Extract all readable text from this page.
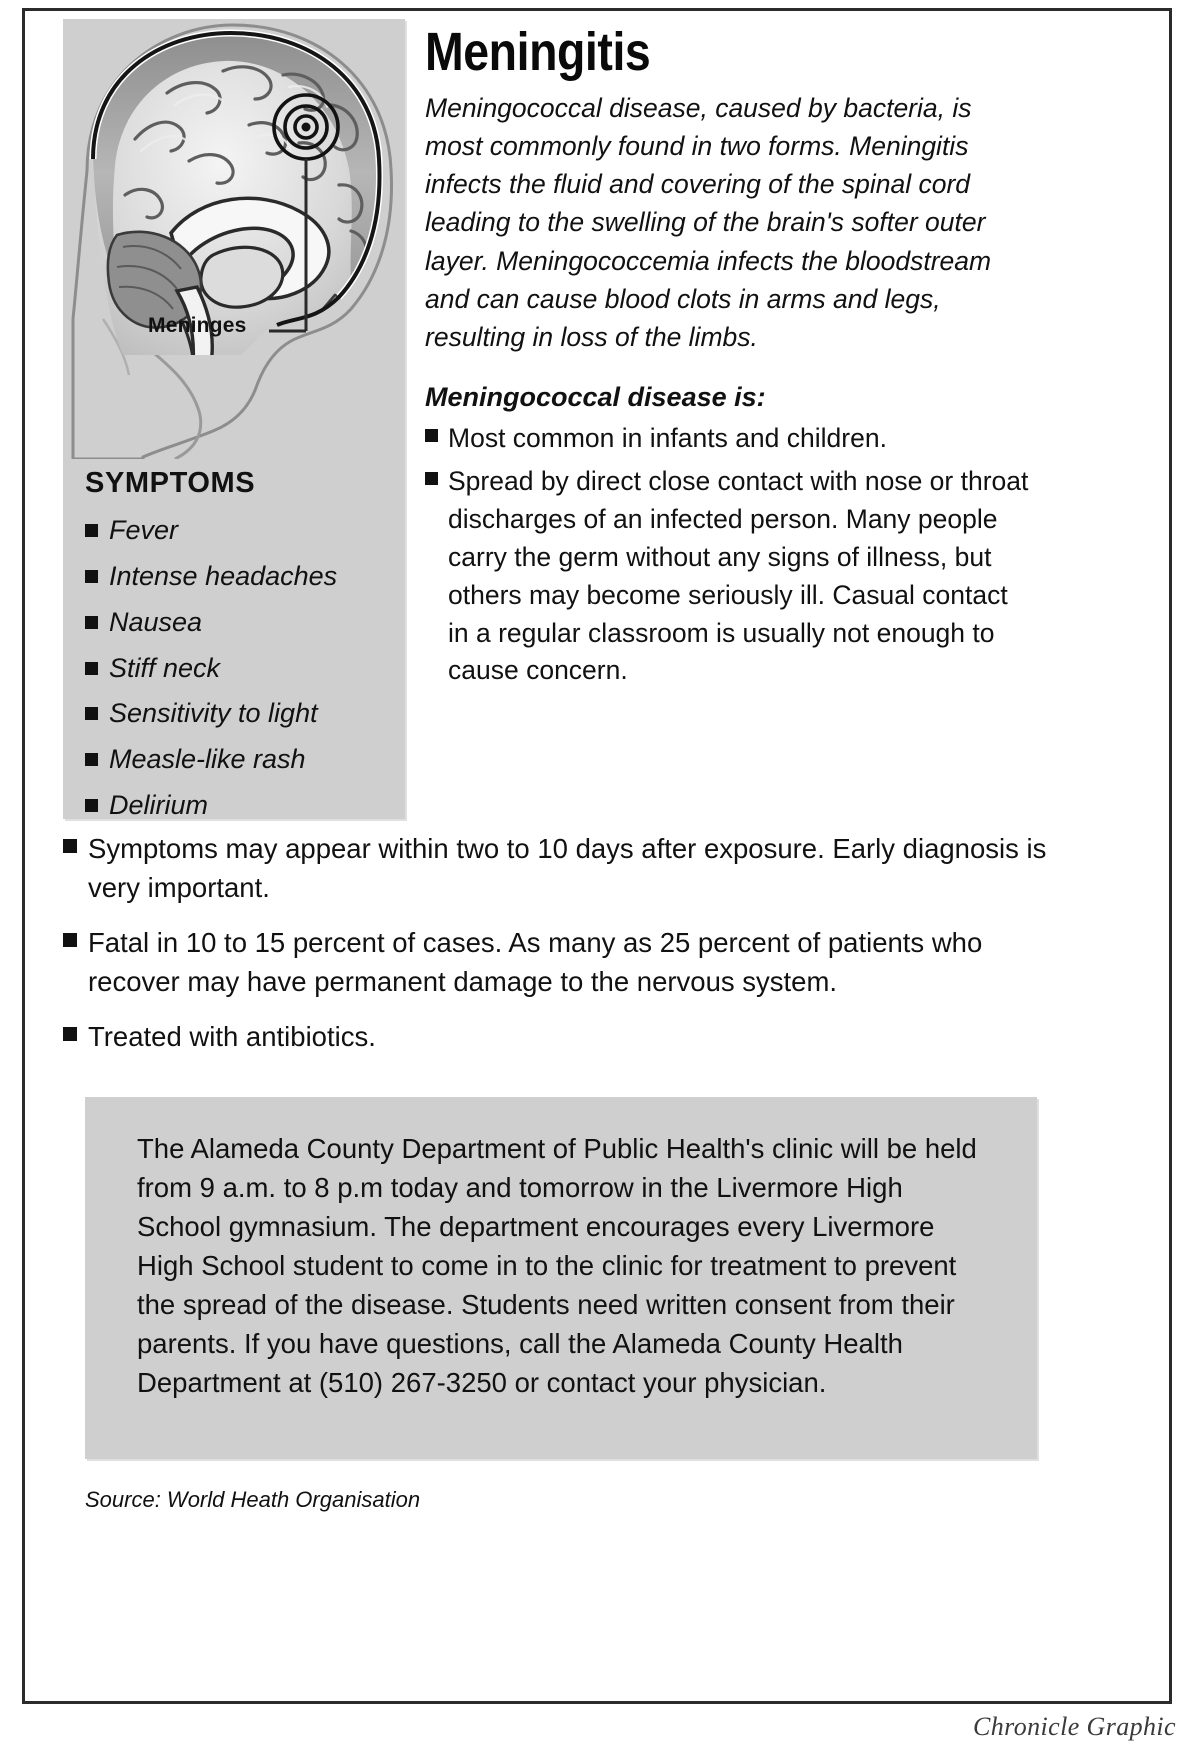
Meninges
SYMPTOMS
Fever
Intense headaches
Nausea
Stiff neck
Sensitivity to light
Measle-like rash
Delirium
Meningitis

Meningococcal disease, caused by bacteria, is most commonly found in two forms. Meningitis infects the fluid and covering of the spinal cord leading to the swelling of the brain's softer outer layer. Meningococcemia infects the bloodstream and can cause blood clots in arms and legs, resulting in loss of the limbs.

Meningococcal disease is:
Most common in infants and children.
Spread by direct close contact with nose or throat discharges of an infected person. Many people carry the germ without any signs of illness, but others may become seriously ill. Casual contact in a regular classroom is usually not enough to cause concern.
Symptoms may appear within two to 10 days after exposure. Early diagnosis is very important.
Fatal in 10 to 15 percent of cases. As many as 25 percent of patients who recover may have permanent damage to the nervous system.
Treated with antibiotics.
The Alameda County Department of Public Health's clinic will be held from 9 a.m. to 8 p.m today and tomorrow in the Livermore High School gymnasium. The department encourages every Livermore High School student to come in to the clinic for treatment to prevent the spread of the disease. Students need written consent from their parents. If you have questions, call the Alameda County Health Department at (510) 267-3250 or contact your physician.
Source: World Heath Organisation
Chronicle Graphic
